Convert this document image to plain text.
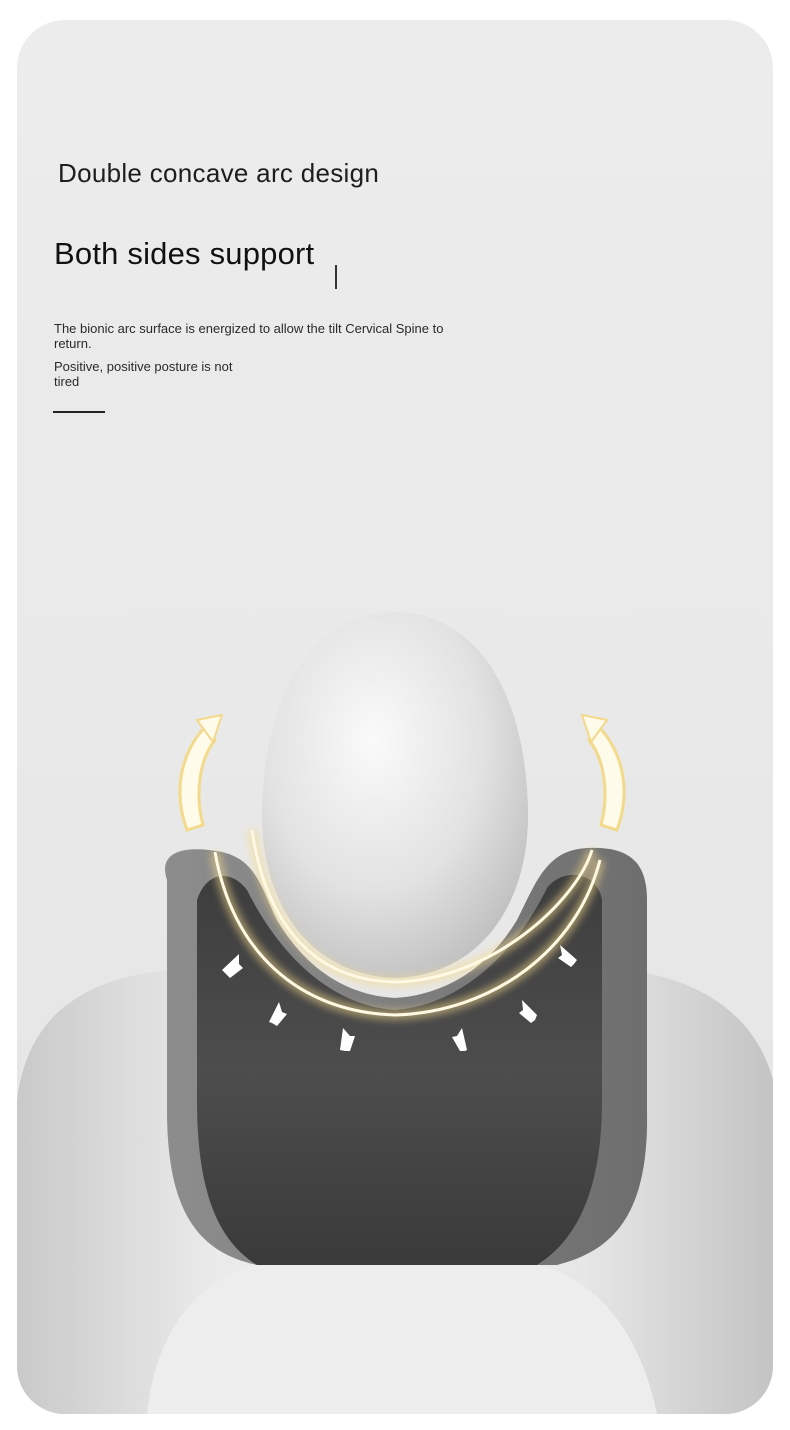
Double concave arc design
Both sides support

The bionic arc surface is energized to allow the tilt Cervical Spine to return.

Positive, positive posture is not tired
